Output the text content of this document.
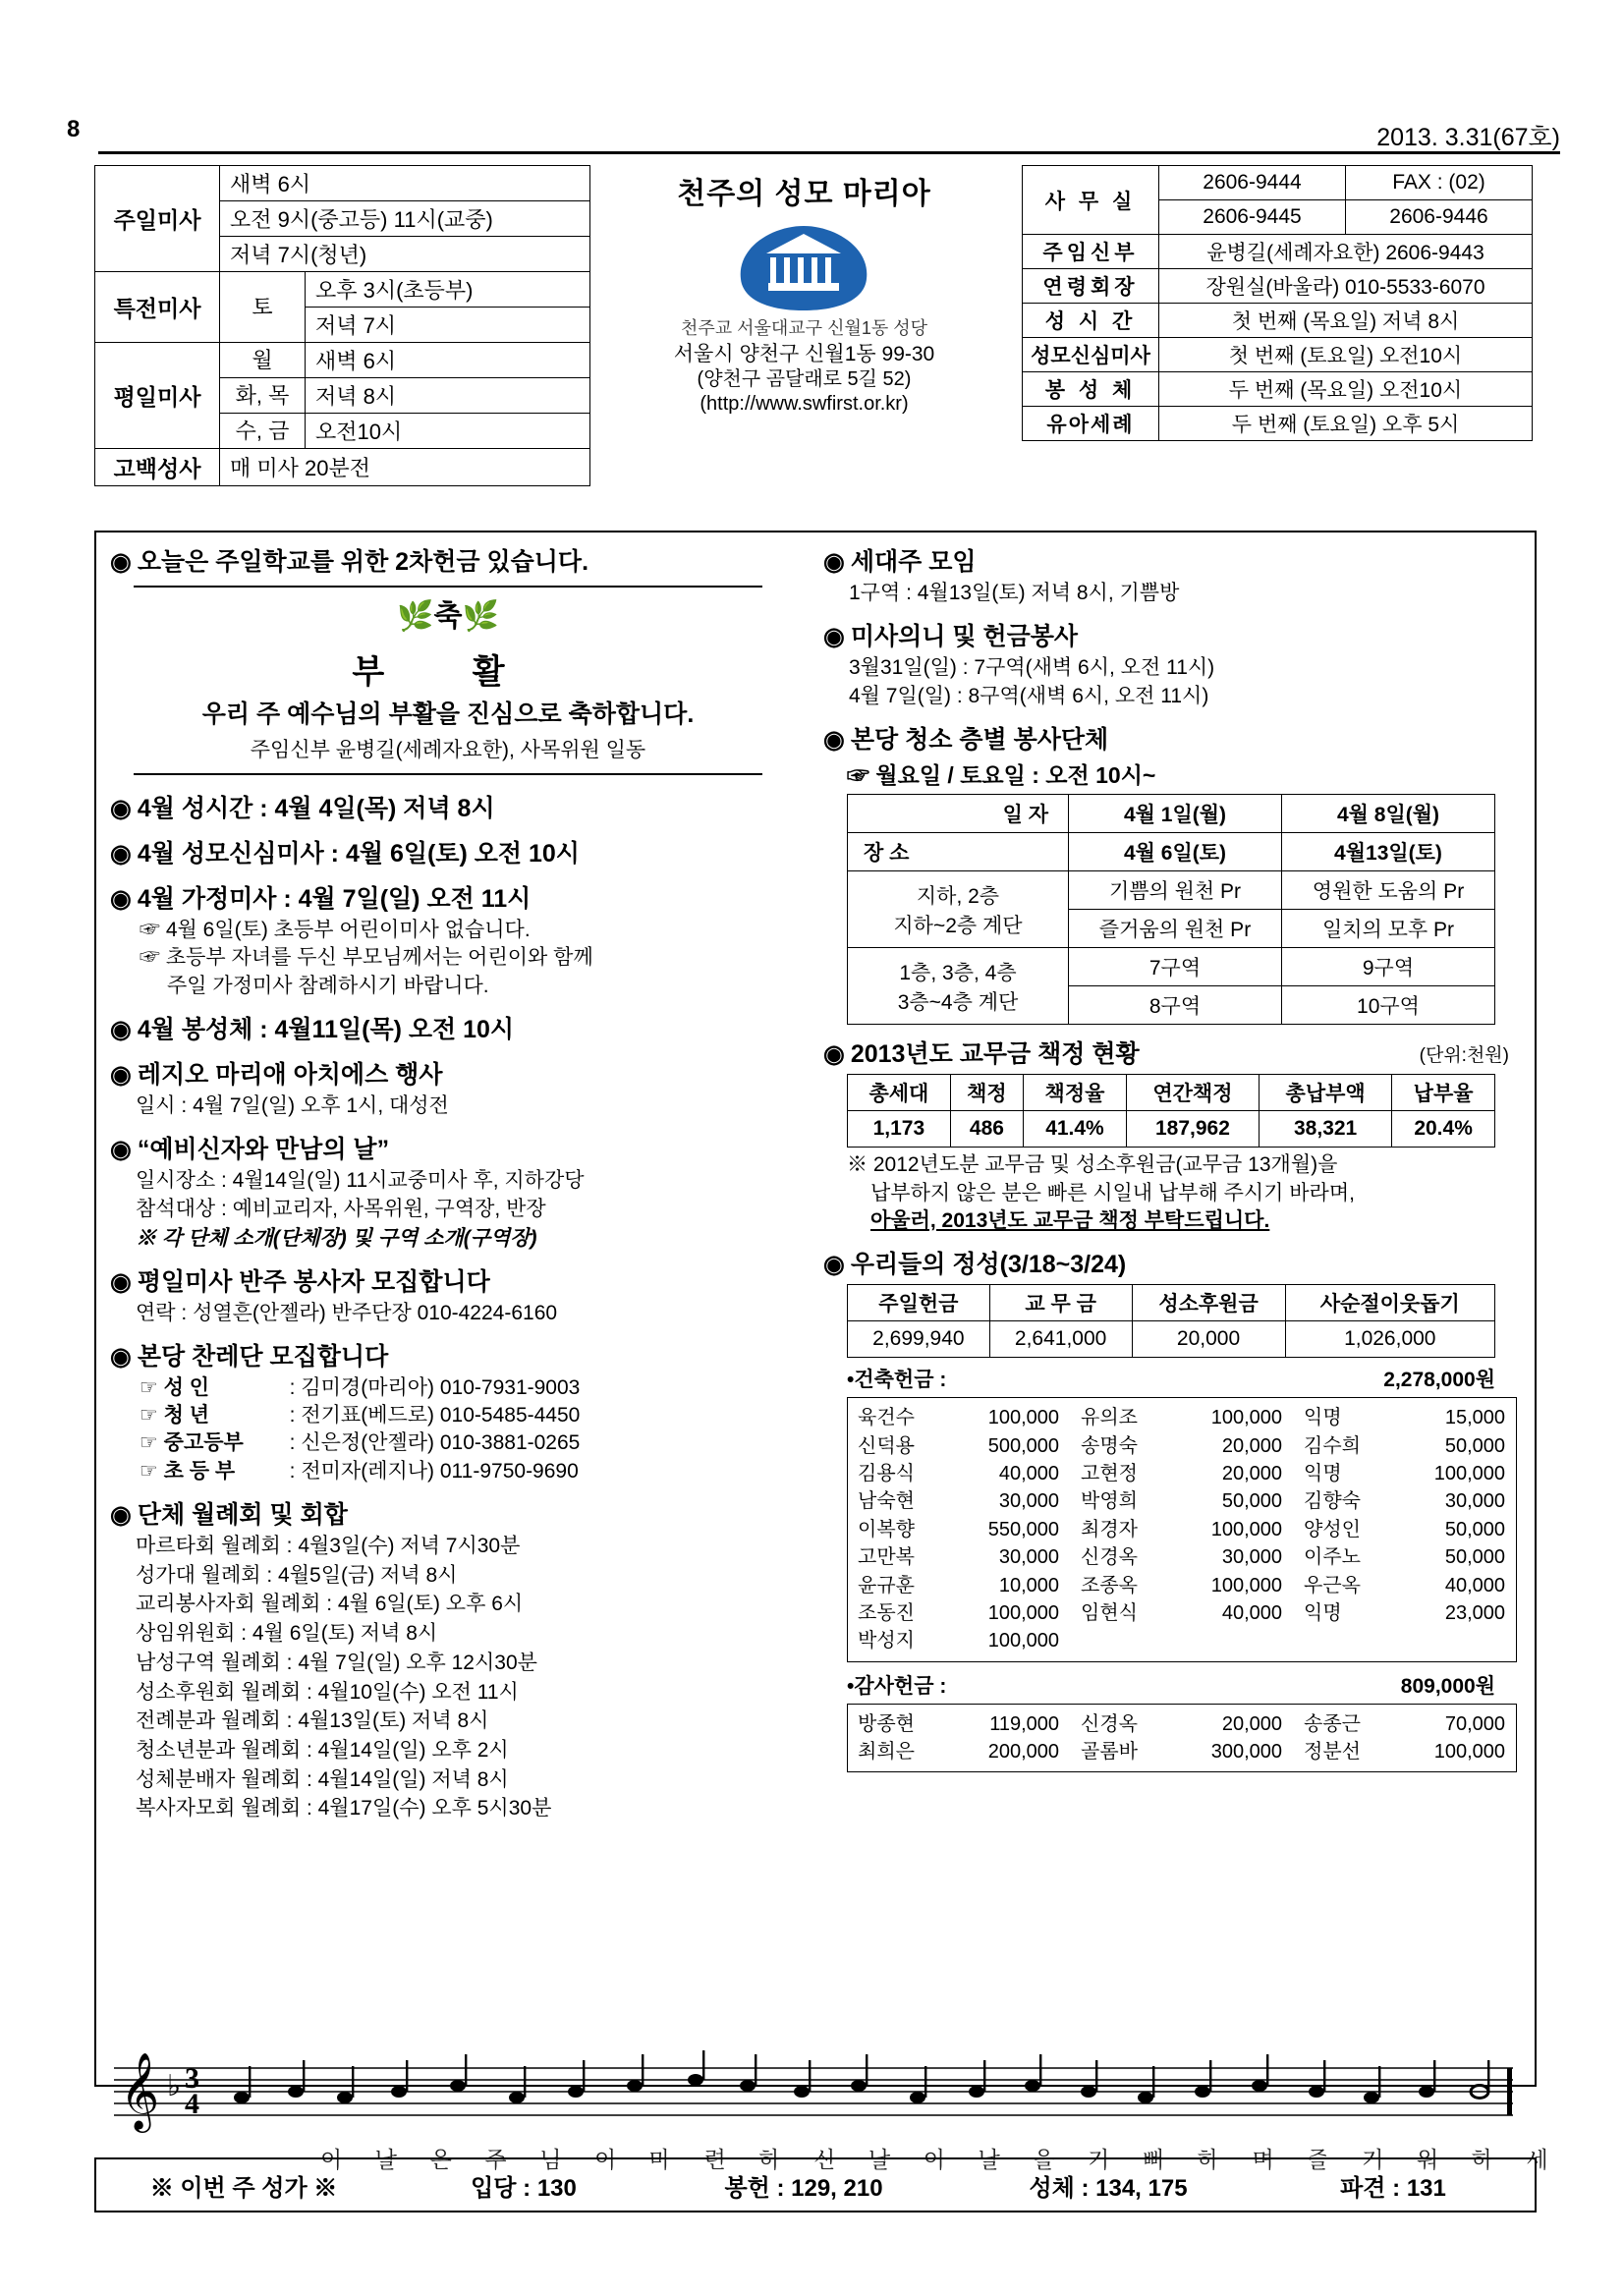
8	2013. 3.31(67호)
주일미사	새벽 6시	
	오전 9시(중고등) 11시(교중)	
	저녁 7시(청년)	
특전미사	토	오후 3시(초등부)
		저녁 7시
평일미사	월	새벽 6시
	화, 목	저녁 8시
	수, 금	오전10시
고백성사	매 미사 20분전	
천주의 성모 마리아
천주교 서울대교구 신월1동 성당
서울시 양천구 신월1동 99-30
(양천구 곰달래로 5길 52)
(http://www.swfirst.or.kr)
사 무 실	2606-9444	FAX : (02)
	2606-9445	2606-9446
주임신부	윤병길(세례자요한) 2606-9443	
연령회장	장원실(바울라) 010-5533-6070	
성 시 간	첫 번째 (목요일) 저녁 8시	
성모신심미사	첫 번째 (토요일) 오전10시	
봉 성 체	두 번째 (목요일) 오전10시	
유아세례	두 번째 (토요일) 오후 5시	
◉ 오늘은 주일학교를 위한 2차헌금 있습니다.
🌿축🌿
부 활
우리 주 예수님의 부활을 진심으로 축하합니다.
주임신부 윤병길(세례자요한), 사목위원 일동
◉ 4월 성시간 : 4월 4일(목) 저녁 8시
◉ 4월 성모신심미사 : 4월 6일(토) 오전 10시
◉ 4월 가정미사 : 4월 7일(일) 오전 11시
☞ 4월 6일(토) 초등부 어린이미사 없습니다.
☞ 초등부 자녀를 두신 부모님께서는 어린이와 함께
주일 가정미사 참례하시기 바랍니다.
◉ 4월 봉성체 : 4월11일(목) 오전 10시
◉ 레지오 마리애 아치에스 행사
일시 : 4월 7일(일) 오후 1시, 대성전
◉ “예비신자와 만남의 날”
일시장소 : 4월14일(일) 11시교중미사 후, 지하강당
참석대상 : 예비교리자, 사목위원, 구역장, 반장
※ 각 단체 소개(단체장) 및 구역 소개(구역장)
◉ 평일미사 반주 봉사자 모집합니다
연락 : 성열흔(안젤라) 반주단장 010-4224-6160
◉ 본당 찬레단 모집합니다
☞ 성 인	: 김미경(마리아) 010-7931-9003
☞ 청 년	: 전기표(베드로) 010-5485-4450
☞ 중고등부 : 신은정(안젤라) 010-3881-0265
☞ 초 등 부	: 전미자(레지나) 011-9750-9690
◉ 단체 월례회 및 회합
마르타회 월례회 : 4월3일(수) 저녁 7시30분
성가대 월례회 : 4월5일(금) 저녁 8시
교리봉사자회 월례회 : 4월 6일(토) 오후 6시
상임위원회 : 4월 6일(토) 저녁 8시
남성구역 월례회 : 4월 7일(일) 오후 12시30분
성소후원회 월례회 : 4월10일(수) 오전 11시
전례분과 월례회 : 4월13일(토) 저녁 8시
청소년분과 월례회 : 4월14일(일) 오후 2시
성체분배자 월례회 : 4월14일(일) 저녁 8시
복사자모회 월례회 : 4월17일(수) 오후 5시30분
◉ 세대주 모임
1구역 : 4월13일(토) 저녁 8시, 기쁨방
◉ 미사의니 및 헌금봉사
3월31일(일) : 7구역(새벽 6시, 오전 11시)
4월 7일(일) : 8구역(새벽 6시, 오전 11시)
◉ 본당 청소 층별 봉사단체
☞ 월요일 / 토요일 : 오전 10시~
일 자	4월 1일(월)	4월 8일(월)
장 소	4월 6일(토)	4월13일(토)

지하, 2층
지하~2층 계단	기쁨의 원천 Pr	영원한 도움의 Pr
	즐거움의 원천 Pr	일치의 모후 Pr

1층, 3층, 4층
3층~4층 계단	7구역	9구역
	8구역	10구역
◉ 2013년도 교무금 책정 현황	(단위:천원)
총세대	책정	책정율	연간책정	총납부액	납부율
1,173	486	41.4%	187,962	38,321	20.4%
※ 2012년도분 교무금 및 성소후원금(교무금 13개월)을
납부하지 않은 분은 빠른 시일내 납부해 주시기 바라며,
아울러, 2013년도 교무금 책정 부탁드립니다.
◉ 우리들의 정성(3/18~3/24)
주일헌금	교 무 금	성소후원금	사순절이웃돕기
2,699,940	2,641,000	20,000	1,026,000
•건축헌금 :	2,278,000원
육건수	100,000	유의조	100,000	익명	15,000
신덕용	500,000	송명숙	20,000	김수희	50,000
김용식	40,000	고현정	20,000	익명	100,000
남숙현	30,000	박영희	50,000	김향숙	30,000
이복향	550,000	최경자	100,000	양성인	50,000
고만복	30,000	신경옥	30,000	이주노	50,000
윤규훈	10,000	조종옥	100,000	우근옥	40,000
조동진	100,000	임현식	40,000	익명	23,000
박성지	100,000
•감사헌금 :	809,000원
방종현	119,000	신경옥	20,000	송종근	70,000
최희은	200,000	골롬바	300,000	정분선	100,000
𝄞 3
4
♭
이 날 은 주 님 이 마 련 하 신 날 이 날 을 기 뻐 하 며 즐 거 워 하 세
※ 이번 주 성가 ※	입당 : 130	봉헌 : 129, 210	성체 : 134, 175	파견 : 131
